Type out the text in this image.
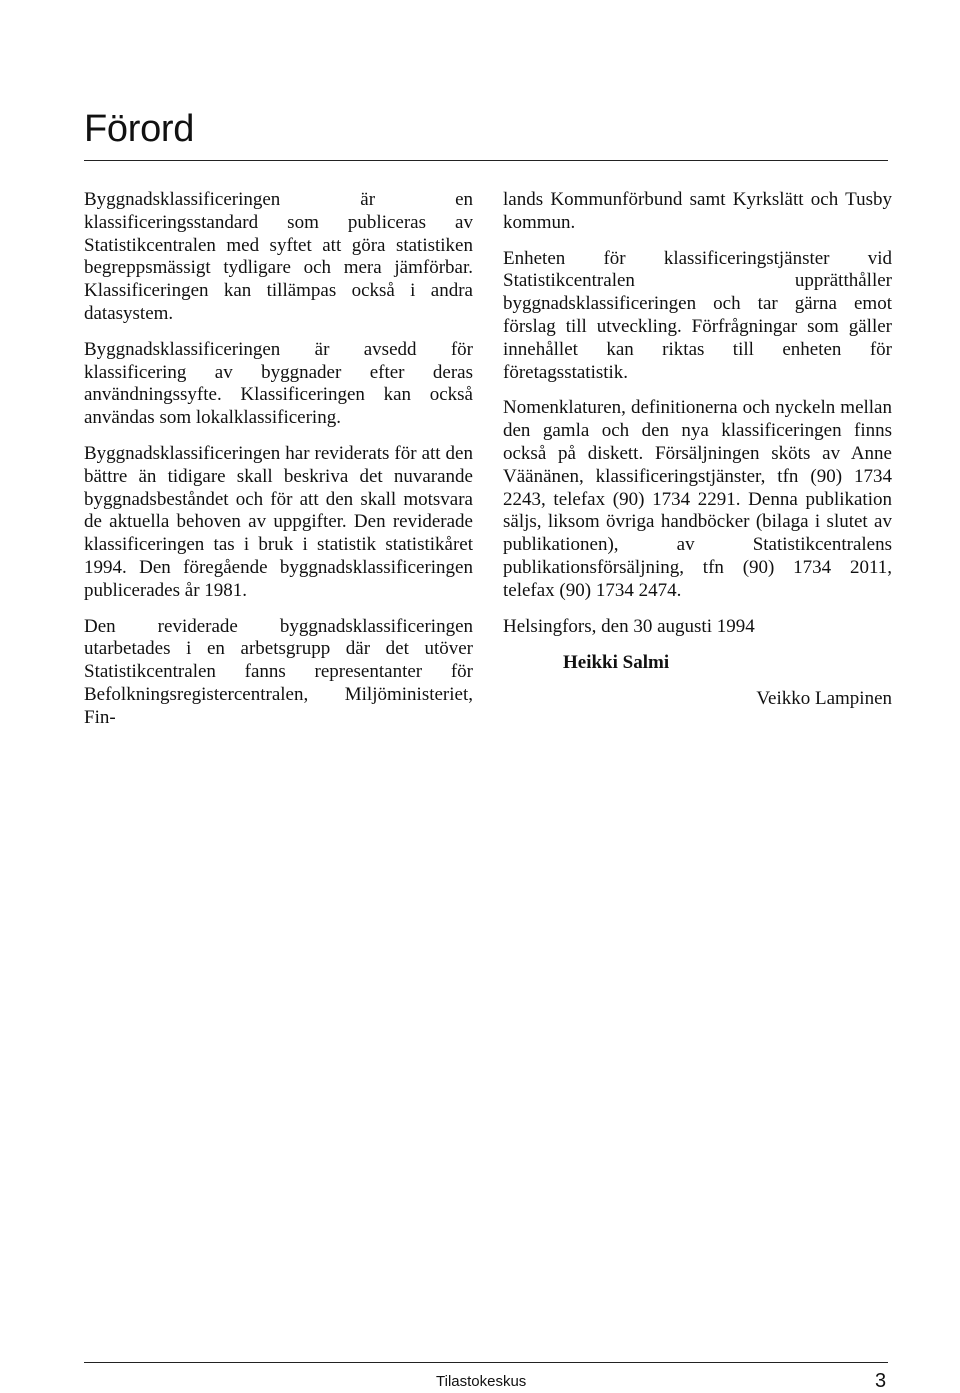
Förord

Byggnadsklassificeringen är en klassificeringsstandard som publiceras av Statistikcentralen med syftet att göra statistiken begreppsmässigt tydligare och mera jämförbar. Klassificeringen kan tillämpas också i andra datasystem.

Byggnadsklassificeringen är avsedd för klassificering av byggnader efter deras användningssyfte. Klassificeringen kan också användas som lokalklassificering.

Byggnadsklassificeringen har reviderats för att den bättre än tidigare skall beskriva det nuvarande byggnadsbeståndet och för att den skall motsvara de aktuella behoven av uppgifter. Den reviderade klassificeringen tas i bruk i statistik statistikåret 1994. Den föregående byggnadsklassificeringen publicerades år 1981.

Den reviderade byggnadsklassificeringen utarbetades i en arbetsgrupp där det utöver Statistikcentralen fanns representanter för Befolkningsregistercentralen, Miljöministeriet, Fin-

lands Kommunförbund samt Kyrkslätt och Tusby kommun.

Enheten för klassificeringstjänster vid Statistikcentralen upprätthåller byggnadsklassificeringen och tar gärna emot förslag till utveckling. Förfrågningar som gäller innehållet kan riktas till enheten för företagsstatistik.

Nomenklaturen, definitionerna och nyckeln mellan den gamla och den nya klassificeringen finns också på diskett. Försäljningen sköts av Anne Väänänen, klassificeringstjänster, tfn (90) 1734 2243, telefax (90) 1734 2291. Denna publikation säljs, liksom övriga handböcker (bilaga i slutet av publikationen), av Statistikcentralens publikationsförsäljning, tfn (90) 1734 2011, telefax (90) 1734 2474.

Helsingfors, den 30 augusti 1994

Heikki Salmi

Veikko Lampinen

Tilastokeskus	3
